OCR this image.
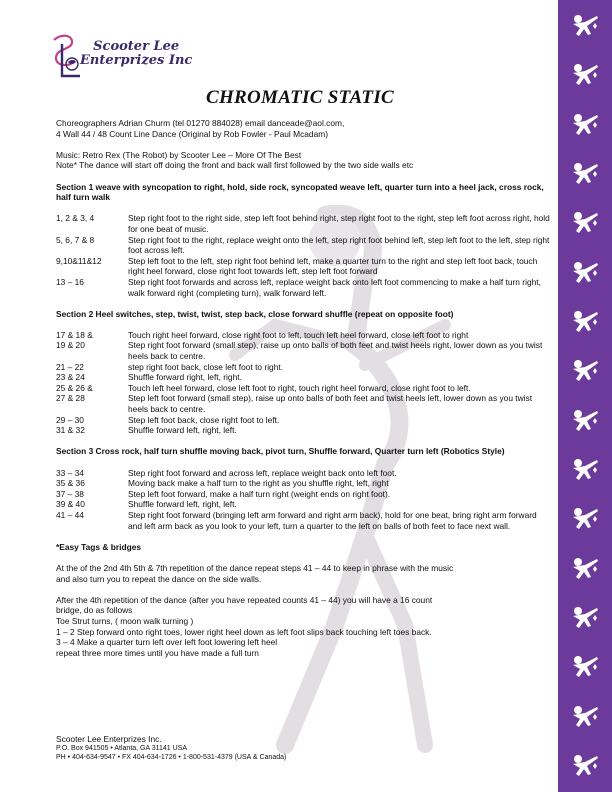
Scooter Lee
Enterprizes Inc
CHROMATIC STATIC

Choreographers Adrian Churm (tel 01270 884028) email danceade@aol.com,

4 Wall 44 / 48 Count Line Dance (Original by Rob Fowler - Paul Mcadam)

Music: Retro Rex (The Robot) by Scooter Lee – More Of The Best

Note* The dance will start off doing the front and back wall first followed by the two side walls etc

Section 1 weave with syncopation to right, hold, side rock, syncopated weave left, quarter turn into a heel jack, cross rock, half turn walk

1, 2 & 3, 4	Step right foot to the right side, step left foot behind right, step right foot to the right, step left foot across right, hold for one beat of music.
5, 6, 7 & 8	Step right foot to the right, replace weight onto the left, step right foot behind left, step left foot to the left, step right foot across left.
9,10&11&12	Step left foot to the left, step right foot behind left, make a quarter turn to the right and step left foot back, touch right heel forward, close right foot towards left, step left foot forward
13 – 16	Step right foot forwards and across left, replace weight back onto left foot commencing to make a half turn right, walk forward right (completing turn), walk forward left.

Section 2 Heel switches, step, twist, twist, step back, close forward shuffle (repeat on opposite foot)

17 & 18 &	Touch right heel forward, close right foot to left, touch left heel forward, close left foot to right
19 & 20	Step right foot forward (small step), raise up onto balls of both feet and twist heels right, lower down as you twist heels back to centre.
21 – 22	step right foot back, close left foot to right.
23 & 24	Shuffle forward right, left, right.
25 & 26 &	Touch left heel forward, close left foot to right, touch right heel forward, close right foot to left.
27 & 28	Step left foot forward (small step), raise up onto balls of both feet and twist heels left, lower down as you twist heels back to centre.
29 – 30	Step left foot back, close right foot to left.
31 & 32	Shuffle forward left, right, left.

Section 3 Cross rock, half turn shuffle moving back, pivot turn, Shuffle forward, Quarter turn left (Robotics Style)

33 – 34	Step right foot forward and across left, replace weight back onto left foot.
35 & 36	Moving back make a half turn to the right as you shuffle right, left, right
37 – 38	Step left foot forward, make a half turn right (weight ends on right foot).
39 & 40	Shuffle forward left, right, left.
41 – 44	Step right foot forward (bringing left arm forward and right arm back), hold for one beat, bring right arm forward and left arm back as you look to your left, turn a quarter to the left on balls of both feet to face next wall.

*Easy Tags & bridges

At the of the 2nd 4th 5th & 7th repetition of the dance repeat steps 41 – 44 to keep in phrase with the music

and also turn you to repeat the dance on the side walls.

After the 4th repetition of the dance (after you have repeated counts 41 – 44) you will have a 16 count

bridge, do as follows

Toe Strut turns, ( moon walk turning )

1 – 2 Step forward onto right toes, lower right heel down as left foot slips back touching left toes back.

3 – 4 Make a quarter turn left over left foot lowering left heel

repeat three more times until you have made a full turn

Scooter Lee Enterprizes Inc.
P.O. Box 941505 • Atlanta, GA 31141 USA
PH • 404-634-9547 • FX 404-634-1726 • 1-800-531-4379 (USA & Canada)
